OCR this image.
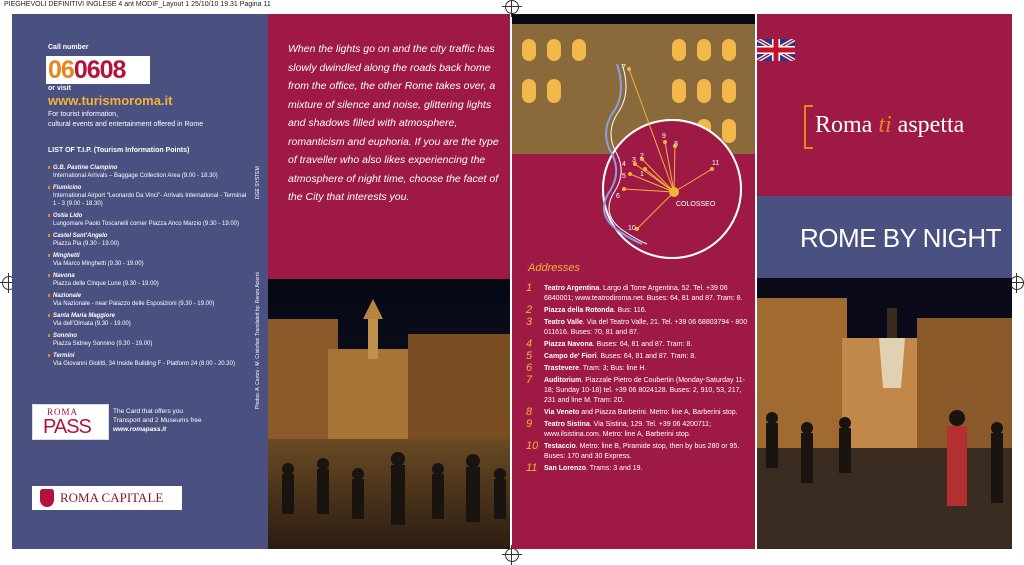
PIEGHEVOLI DEFINITIVI INGLESE 4 ant MODIF_Layout 1 25/10/10 19.31 Pagina 11
Call number
060608
or visit
www.turismoroma.it
For tourist information,
cultural events and entertainment offered in Rome
LIST OF T.I.P. (Tourism Information Points)
G.B. Pastine Ciampino
International Arrivals – Baggage Collection Area (9.00 - 18.30)
Fiumicino
International Airport "Leonardo Da Vinci"- Arrivals International - Terminal 1 - 3 (9.00 - 18.30)
Ostia Lido
Lungomare Paolo Toscanelli corner Piazza Anco Marzio (9.30 - 19.00)
Castel Sant'Angelo
Piazza Pia (9.30 - 19.00)
Minghetti
Via Marco Minghetti (9.30 - 19.00)
Navona
Piazza delle Cinque Lune (9.30 - 19.00)
Nazionale
Via Nazionale - near Palazzo delle Esposizioni (9.30 - 19.00)
Santa Maria Maggiore
Via dell'Olmata (9.30 - 19.00)
Sonnino
Piazza Sidney Sonnino (9.30 - 19.00)
Termini
Via Giovanni Giolitti, 34 Inside Building F - Platform 24 (8.00 - 20.30)
DGE SYSTEM
Translated by: Renzo Acierni
Photos: A. Caroni - M. Cristofani
ROMA
PASS
The Card that offers you
Transport and 2 Museums free
www.romapass.it
ROMA CAPITALE
When the lights go on and the city traffic has slowly dwindled along the roads back home from the office, the other Rome takes over, a mixture of silence and noise, glittering lights and shadows filled with atmosphere, romanticism and euphoria. If you are the type of traveller who also likes experiencing the atmosphere of night time, choose the facet of the City that interests you.
Addresses
1 Teatro Argentina. Largo di Torre Argentina, 52. Tel. +39 06 6840001; www.teatrodiroma.net. Buses: 64, 81 and 87. Tram: 8.
2 Piazza della Rotonda. Bus: 116.
3 Teatro Valle. Via del Teatro Valle, 21. Tel. +39 06 68803794 - 800 011616. Buses: 70, 81 and 87.
4 Piazza Navona. Buses: 64, 81 and 87. Tram: 8.
5 Campo de' Fiori. Buses: 64, 81 and 87. Tram: 8.
6 Trastevere. Tram: 3; Bus: line H.
7 Auditorium. Piazzale Pietro de Coubertin (Monday-Saturday 11-18; Sunday 10-18) tel. +39 06 8024128. Buses: 2, 910, 53, 217, 231 and line M. Tram: 2D.
8 Via Veneto and Piazza Barberini. Metro: line A, Barberini stop.
9 Teatro Sistina. Via Sistina, 129. Tel. +39 06 4200711; www.ilsistina.com. Metro: line A, Barberini stop.
10 Testaccio. Metro: line B, Piramide stop, then by bus 280 or 95. Buses: 170 and 30 Express.
11 San Lorenzo. Trams: 3 and 19.
1
2
3
4
5
6
7
8
9
10
11
COLOSSEO
Roma ti aspetta
ROME BY NIGHT
